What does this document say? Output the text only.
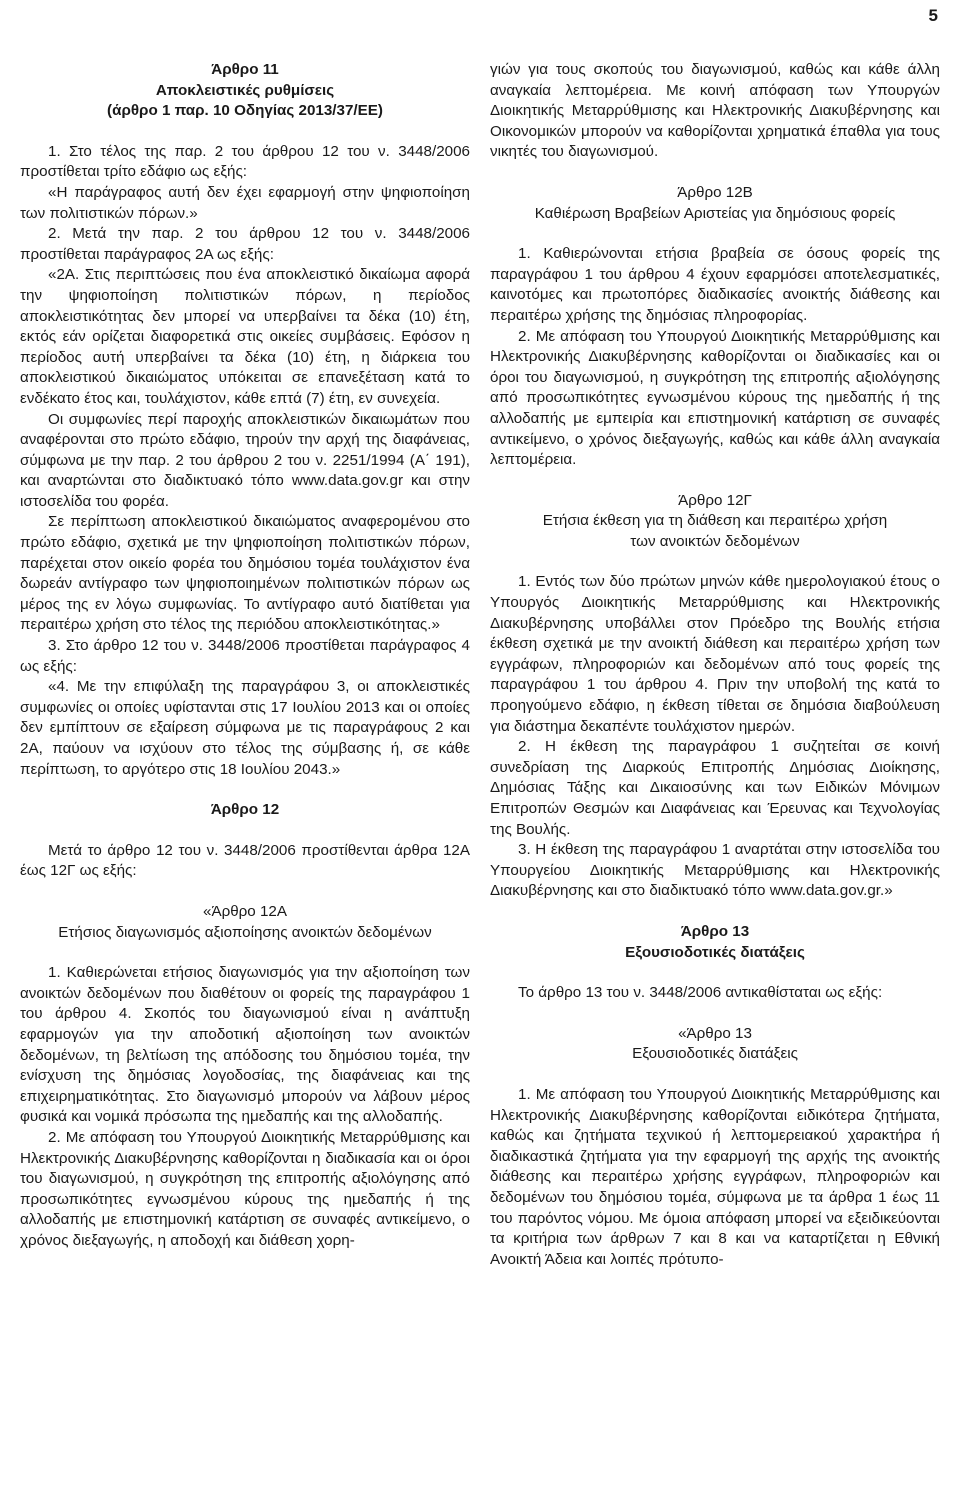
5

Άρθρο 11

Αποκλειστικές ρυθμίσεις

(άρθρο 1 παρ. 10 Οδηγίας 2013/37/ΕΕ)

1. Στο τέλος της παρ. 2 του άρθρου 12 του ν. 3448/2006 προστίθεται τρίτο εδάφιο ως εξής:

«Η παράγραφος αυτή δεν έχει εφαρμογή στην ψηφιοποίηση των πολιτιστικών πόρων.»

2. Μετά την παρ. 2 του άρθρου 12 του ν. 3448/2006 προστίθεται παράγραφος 2Α ως εξής:

«2Α. Στις περιπτώσεις που ένα αποκλειστικό δικαίωμα αφορά την ψηφιοποίηση πολιτιστικών πόρων, η περίοδος αποκλειστικότητας δεν μπορεί να υπερβαίνει τα δέκα (10) έτη, εκτός εάν ορίζεται διαφορετικά στις οικείες συμβάσεις. Εφόσον η περίοδος αυτή υπερβαίνει τα δέκα (10) έτη, η διάρκεια του αποκλειστικού δικαιώματος υπόκειται σε επανεξέταση κατά το ενδέκατο έτος και, τουλάχιστον, κάθε επτά (7) έτη, εν συνεχεία.

Οι συμφωνίες περί παροχής αποκλειστικών δικαιωμάτων που αναφέρονται στο πρώτο εδάφιο, τηρούν την αρχή της διαφάνειας, σύμφωνα με την παρ. 2 του άρθρου 2 του ν. 2251/1994 (Α΄ 191), και αναρτώνται στο διαδικτυακό τόπο www.data.gov.gr και στην ιστοσελίδα του φορέα.

Σε περίπτωση αποκλειστικού δικαιώματος αναφερομένου στο πρώτο εδάφιο, σχετικά με την ψηφιοποίηση πολιτιστικών πόρων, παρέχεται στον οικείο φορέα του δημόσιου τομέα τουλάχιστον ένα δωρεάν αντίγραφο των ψηφιοποιημένων πολιτιστικών πόρων ως μέρος της εν λόγω συμφωνίας. Το αντίγραφο αυτό διατίθεται για περαιτέρω χρήση στο τέλος της περιόδου αποκλειστικότητας.»

3. Στο άρθρο 12 του ν. 3448/2006 προστίθεται παράγραφος 4 ως εξής:

«4. Με την επιφύλαξη της παραγράφου 3, οι αποκλειστικές συμφωνίες οι οποίες υφίστανται στις 17 Ιουλίου 2013 και οι οποίες δεν εμπίπτουν σε εξαίρεση σύμφωνα με τις παραγράφους 2 και 2Α, παύουν να ισχύουν στο τέλος της σύμβασης ή, σε κάθε περίπτωση, το αργότερο στις 18 Ιουλίου 2043.»

Άρθρο 12

Μετά το άρθρο 12 του ν. 3448/2006 προστίθενται άρθρα 12Α έως 12Γ ως εξής:

«Άρθρο 12Α

Ετήσιος διαγωνισμός αξιοποίησης ανοικτών δεδομένων

1. Καθιερώνεται ετήσιος διαγωνισμός για την αξιοποίηση των ανοικτών δεδομένων που διαθέτουν οι φορείς της παραγράφου 1 του άρθρου 4. Σκοπός του διαγωνισμού είναι η ανάπτυξη εφαρμογών για την αποδοτική αξιοποίηση των ανοικτών δεδομένων, τη βελτίωση της απόδοσης του δημόσιου τομέα, την ενίσχυση της δημόσιας λογοδοσίας, της διαφάνειας και της επιχειρηματικότητας. Στο διαγωνισμό μπορούν να λάβουν μέρος φυσικά και νομικά πρόσωπα της ημεδαπής και της αλλοδαπής.

2. Με απόφαση του Υπουργού Διοικητικής Μεταρρύθμισης και Ηλεκτρονικής Διακυβέρνησης καθορίζονται η διαδικασία και οι όροι του διαγωνισμού, η συγκρότηση της επιτροπής αξιολόγησης από προσωπικότητες εγνωσμένου κύρους της ημεδαπής ή της αλλοδαπής με επιστημονική κατάρτιση σε συναφές αντικείμενο, ο χρόνος διεξαγωγής, η αποδοχή και διάθεση χορη-

γιών για τους σκοπούς του διαγωνισμού, καθώς και κάθε άλλη αναγκαία λεπτομέρεια. Με κοινή απόφαση των Υπουργών Διοικητικής Μεταρρύθμισης και Ηλεκτρονικής Διακυβέρνησης και Οικονομικών μπορούν να καθορίζονται χρηματικά έπαθλα για τους νικητές του διαγωνισμού.

Άρθρο 12Β

Καθιέρωση Βραβείων Αριστείας για δημόσιους φορείς

1. Καθιερώνονται ετήσια βραβεία σε όσους φορείς της παραγράφου 1 του άρθρου 4 έχουν εφαρμόσει αποτελεσματικές, καινοτόμες και πρωτοπόρες διαδικασίες ανοικτής διάθεσης και περαιτέρω χρήσης της δημόσιας πληροφορίας.

2. Με απόφαση του Υπουργού Διοικητικής Μεταρρύθμισης και Ηλεκτρονικής Διακυβέρνησης καθορίζονται οι διαδικασίες και οι όροι του διαγωνισμού, η συγκρότηση της επιτροπής αξιολόγησης από προσωπικότητες εγνωσμένου κύρους της ημεδαπής ή της αλλοδαπής με εμπειρία και επιστημονική κατάρτιση σε συναφές αντικείμενο, ο χρόνος διεξαγωγής, καθώς και κάθε άλλη αναγκαία λεπτομέρεια.

Άρθρο 12Γ

Ετήσια έκθεση για τη διάθεση και περαιτέρω χρήση

των ανοικτών δεδομένων

1. Εντός των δύο πρώτων μηνών κάθε ημερολογιακού έτους ο Υπουργός Διοικητικής Μεταρρύθμισης και Ηλεκτρονικής Διακυβέρνησης υποβάλλει στον Πρόεδρο της Βουλής ετήσια έκθεση σχετικά με την ανοικτή διάθεση και περαιτέρω χρήση των εγγράφων, πληροφοριών και δεδομένων από τους φορείς της παραγράφου 1 του άρθρου 4. Πριν την υποβολή της κατά το προηγούμενο εδάφιο, η έκθεση τίθεται σε δημόσια διαβούλευση για διάστημα δεκαπέντε τουλάχιστον ημερών.

2. Η έκθεση της παραγράφου 1 συζητείται σε κοινή συνεδρίαση της Διαρκούς Επιτροπής Δημόσιας Διοίκησης, Δημόσιας Τάξης και Δικαιοσύνης και των Ειδικών Μόνιμων Επιτροπών Θεσμών και Διαφάνειας και Έρευνας και Τεχνολογίας της Βουλής.

3. Η έκθεση της παραγράφου 1 αναρτάται στην ιστοσελίδα του Υπουργείου Διοικητικής Μεταρρύθμισης και Ηλεκτρονικής Διακυβέρνησης και στο διαδικτυακό τόπο www.data.gov.gr.»

Άρθρο 13

Εξουσιοδοτικές διατάξεις

Το άρθρο 13 του ν. 3448/2006 αντικαθίσταται ως εξής:

«Άρθρο 13

Εξουσιοδοτικές διατάξεις

1. Με απόφαση του Υπουργού Διοικητικής Μεταρρύθμισης και Ηλεκτρονικής Διακυβέρνησης καθορίζονται ειδικότερα ζητήματα, καθώς και ζητήματα τεχνικού ή λεπτομερειακού χαρακτήρα ή διαδικαστικά ζητήματα για την εφαρμογή της αρχής της ανοικτής διάθεσης και περαιτέρω χρήσης εγγράφων, πληροφοριών και δεδομένων του δημόσιου τομέα, σύμφωνα με τα άρθρα 1 έως 11 του παρόντος νόμου. Με όμοια απόφαση μπορεί να εξειδικεύονται τα κριτήρια των άρθρων 7 και 8 και να καταρτίζεται η Εθνική Ανοικτή Άδεια και λοιπές πρότυπο-
